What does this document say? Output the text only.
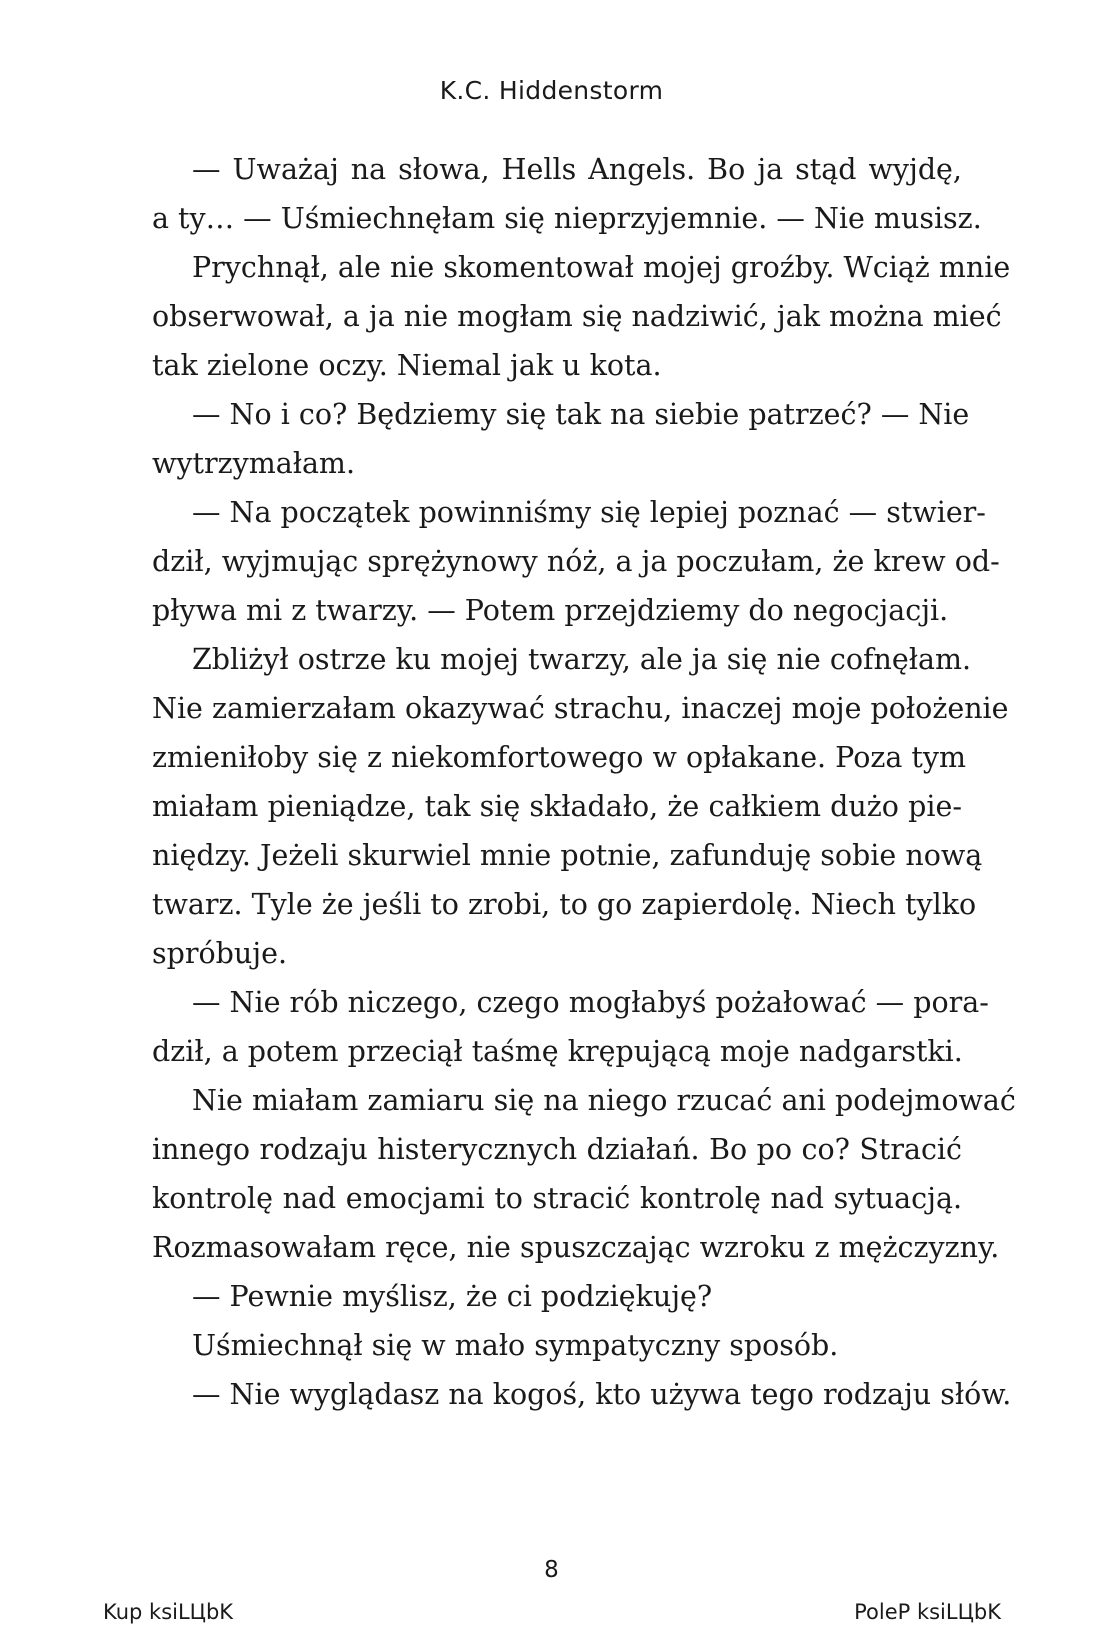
K.C. Hiddenstorm
— Uważaj na słowa, Hells Angels. Bo ja stąd wyjdę,
a ty… — Uśmiechnęłam się nieprzyjemnie. — Nie musisz.
Prychnął, ale nie skomentował mojej groźby. Wciąż mnie
obserwował, a ja nie mogłam się nadziwić, jak można mieć
tak zielone oczy. Niemal jak u kota.
— No i co? Będziemy się tak na siebie patrzeć? — Nie
wytrzymałam.
— Na początek powinniśmy się lepiej poznać — stwier-
dził, wyjmując sprężynowy nóż, a ja poczułam, że krew od-
pływa mi z twarzy. — Potem przejdziemy do negocjacji.
Zbliżył ostrze ku mojej twarzy, ale ja się nie cofnęłam.
Nie zamierzałam okazywać strachu, inaczej moje położenie
zmieniłoby się z niekomfortowego w opłakane. Poza tym
miałam pieniądze, tak się składało, że całkiem dużo pie-
niędzy. Jeżeli skurwiel mnie potnie, zafunduję sobie nową
twarz. Tyle że jeśli to zrobi, to go zapierdolę. Niech tylko
spróbuje.
— Nie rób niczego, czego mogłabyś pożałować — pora-
dził, a potem przeciął taśmę krępującą moje nadgarstki.
Nie miałam zamiaru się na niego rzucać ani podejmować
innego rodzaju histerycznych działań. Bo po co? Stracić
kontrolę nad emocjami to stracić kontrolę nad sytuacją.
Rozmasowałam ręce, nie spuszczając wzroku z mężczyzny.
— Pewnie myślisz, że ci podziękuję?
Uśmiechnął się w mało sympatyczny sposób.
— Nie wyglądasz na kogoś, kto używa tego rodzaju słów.
8
Kup ksiLЦbK	PoleP ksiLЦbK
